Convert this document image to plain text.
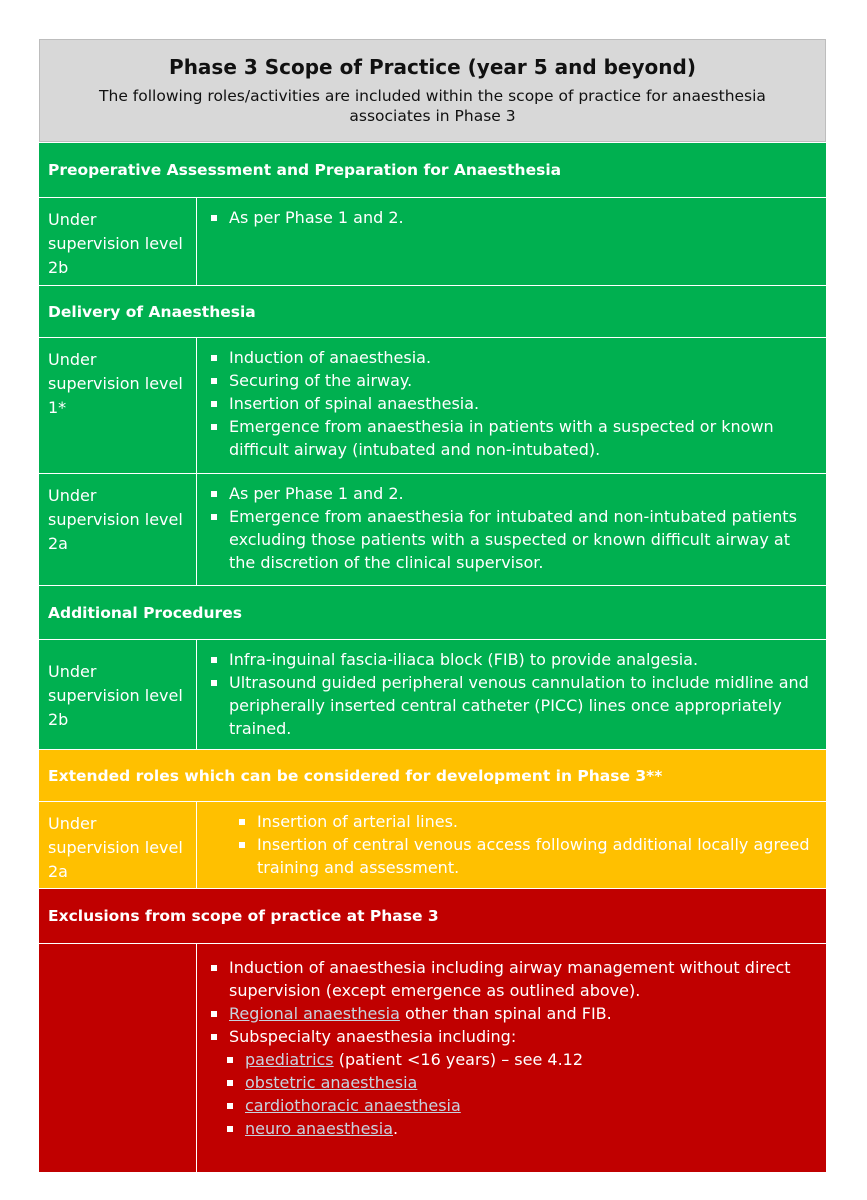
Phase 3 Scope of Practice (year 5 and beyond)

The following roles/activities are included within the scope of practice for anaesthesia associates in Phase 3

Preoperative Assessment and Preparation for Anaesthesia
Under supervision level 2b
As per Phase 1 and 2.
Delivery of Anaesthesia
Under supervision level 1*
Induction of anaesthesia.
Securing of the airway.
Insertion of spinal anaesthesia.
Emergence from anaesthesia in patients with a suspected or known difficult airway (intubated and non-intubated).
Under supervision level 2a
As per Phase 1 and 2.
Emergence from anaesthesia for intubated and non-intubated patients excluding those patients with a suspected or known difficult airway at the discretion of the clinical supervisor.
Additional Procedures
Under supervision level 2b
Infra-inguinal fascia-iliaca block (FIB) to provide analgesia.
Ultrasound guided peripheral venous cannulation to include midline and peripherally inserted central catheter (PICC) lines once appropriately trained.
Extended roles which can be considered for development in Phase 3**
Under supervision level 2a
Insertion of arterial lines.
Insertion of central venous access following additional locally agreed training and assessment.
Exclusions from scope of practice at Phase 3
Induction of anaesthesia including airway management without direct supervision (except emergence as outlined above).
Regional anaesthesia other than spinal and FIB.
Subspecialty anaesthesia including:
paediatrics (patient <16 years) – see 4.12
obstetric anaesthesia
cardiothoracic anaesthesia
neuro anaesthesia.
